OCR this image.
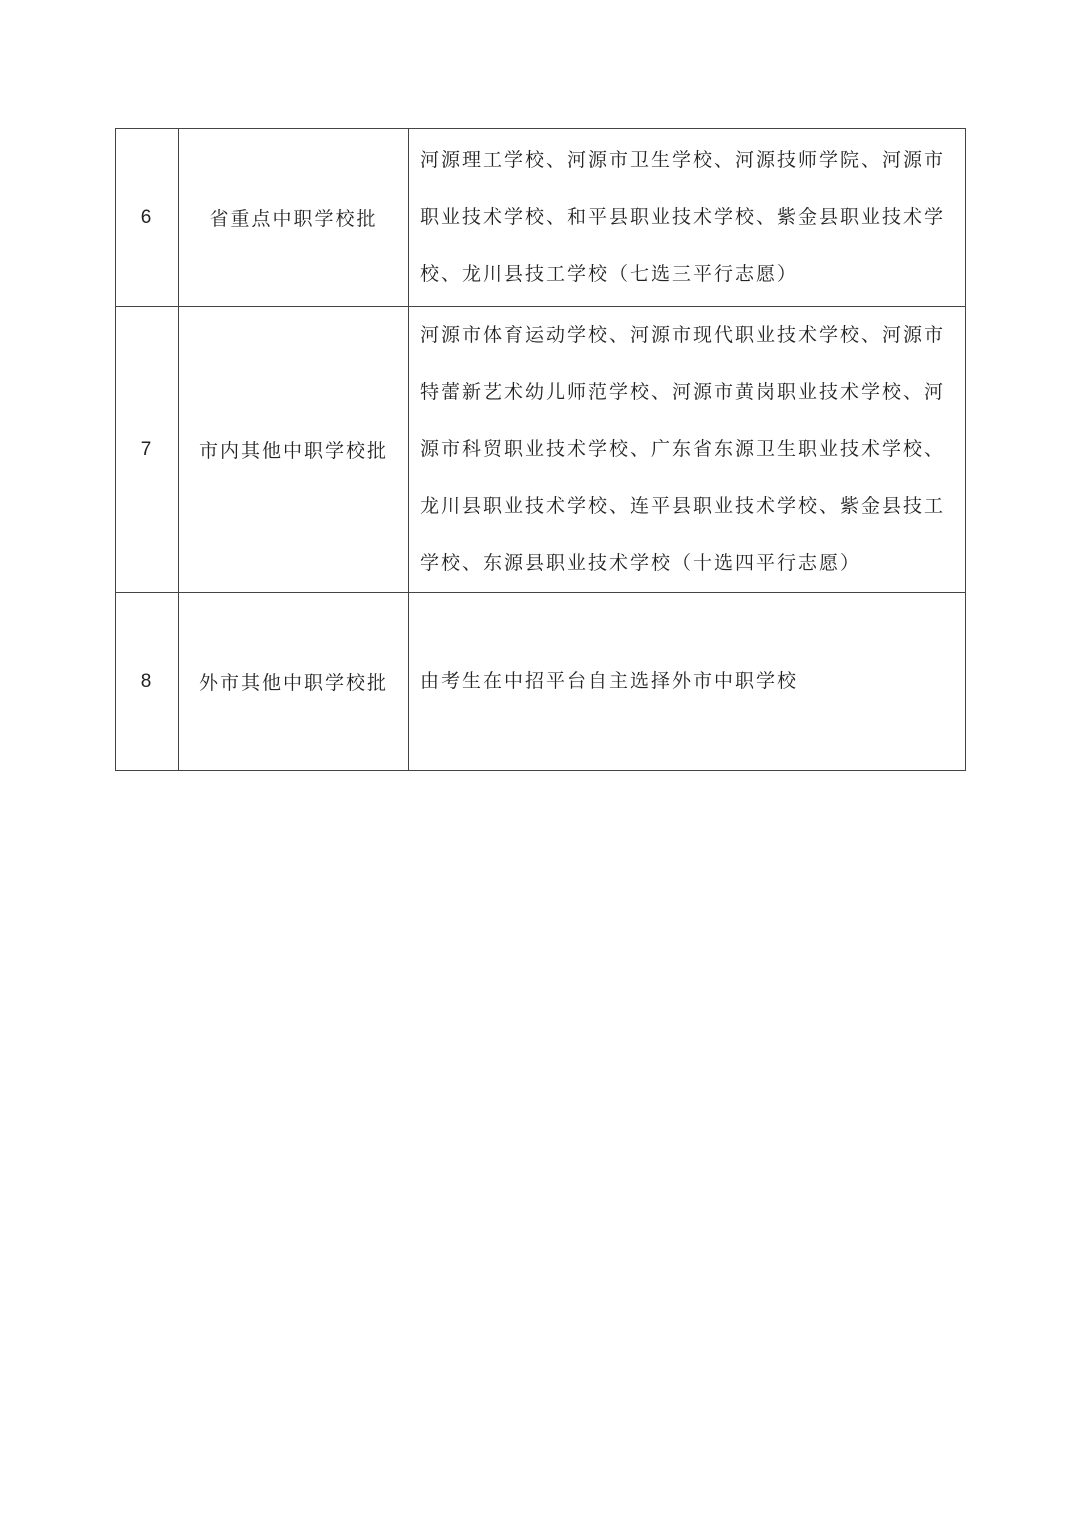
6	省重点中职学校批	河源理工学校、河源市卫生学校、河源技师学院、河源市职业技术学校、和平县职业技术学校、紫金县职业技术学校、龙川县技工学校（七选三平行志愿）
7	市内其他中职学校批	河源市体育运动学校、河源市现代职业技术学校、河源市特蕾新艺术幼儿师范学校、河源市黄岗职业技术学校、河源市科贸职业技术学校、广东省东源卫生职业技术学校、龙川县职业技术学校、连平县职业技术学校、紫金县技工学校、东源县职业技术学校（十选四平行志愿）
8	外市其他中职学校批	由考生在中招平台自主选择外市中职学校
